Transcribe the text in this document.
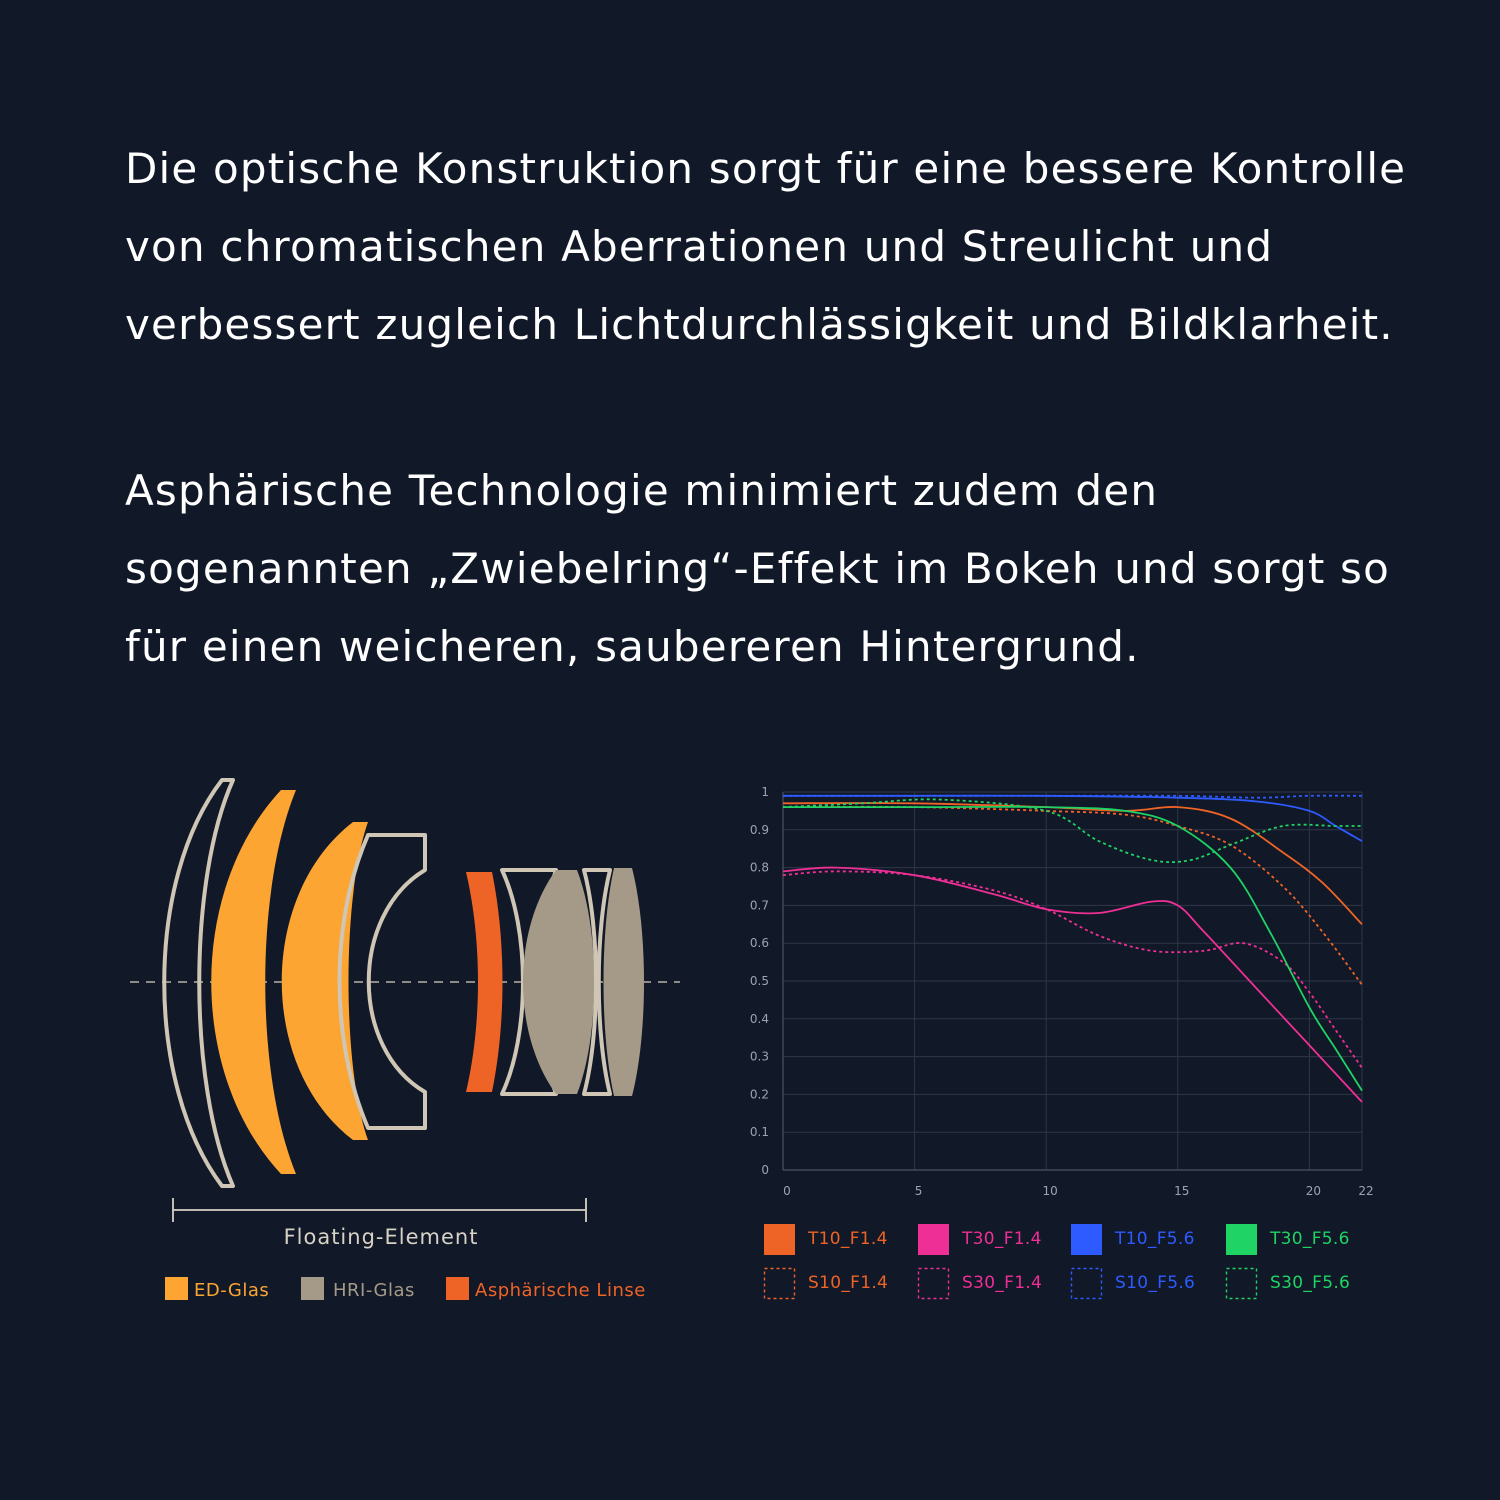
Die optische Konstruktion sorgt für eine bessere Kontrolle
von chromatischen Aberrationen und Streulicht und
verbessert zugleich Lichtdurchlässigkeit und Bildklarheit.
Asphärische Technologie minimiert zudem den
sogenannten „Zwiebelring“-Effekt im Bokeh und sorgt so
für einen weicheren, saubereren Hintergrund.
Floating-Element
ED-Glas	HRI-Glas	Asphärische Linse
0
0.1
0.2
0.3
0.4
0.5
0.6
0.7
0.8
0.9
1
0	5	10	15	20	22
T10_F1.4	T30_F1.4	T10_F5.6	T30_F5.6
S10_F1.4	S30_F1.4	S10_F5.6	S30_F5.6
